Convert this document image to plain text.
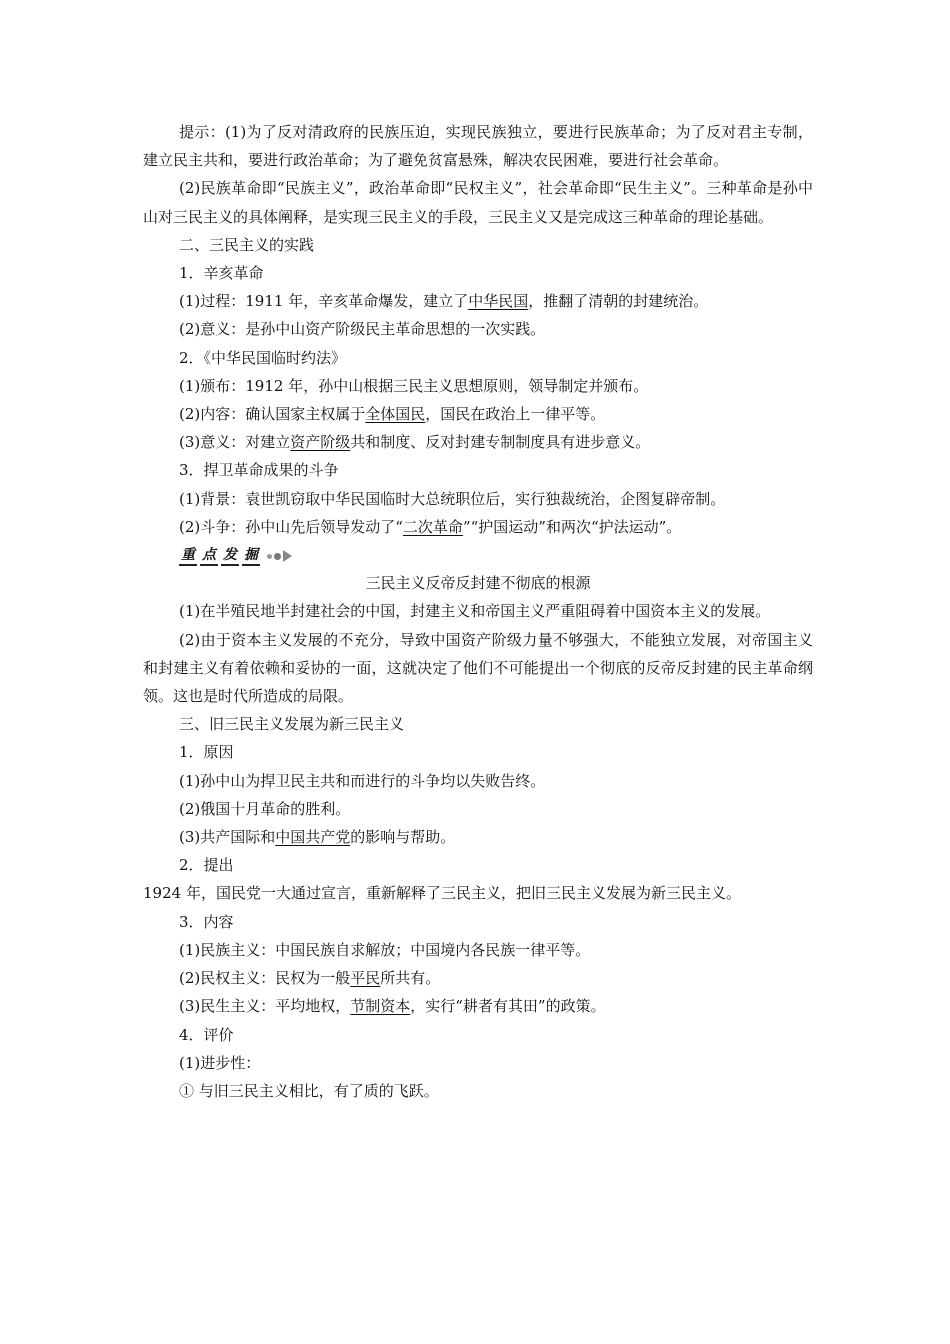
提示：(1)为了反对清政府的民族压迫，实现民族独立，要进行民族革命；为了反对君主专制，建立民主共和，要进行政治革命；为了避免贫富悬殊，解决农民困难，要进行社会革命。
(2)民族革命即“民族主义”，政治革命即“民权主义”，社会革命即“民生主义”。三种革命是孙中山对三民主义的具体阐释，是实现三民主义的手段，三民主义又是完成这三种革命的理论基础。
二、三民主义的实践
1．辛亥革命
(1)过程：1911 年，辛亥革命爆发，建立了中华民国，推翻了清朝的封建统治。
(2)意义：是孙中山资产阶级民主革命思想的一次实践。
2．《中华民国临时约法》
(1)颁布：1912 年，孙中山根据三民主义思想原则，领导制定并颁布。
(2)内容：确认国家主权属于全体国民，国民在政治上一律平等。
(3)意义：对建立资产阶级共和制度、反对封建专制制度具有进步意义。
3．捍卫革命成果的斗争
(1)背景：袁世凯窃取中华民国临时大总统职位后，实行独裁统治，企图复辟帝制。
(2)斗争：孙中山先后领导发动了“二次革命”“护国运动”和两次“护法运动”。
重 点 发 掘
三民主义反帝反封建不彻底的根源
(1)在半殖民地半封建社会的中国，封建主义和帝国主义严重阻碍着中国资本主义的发展。
(2)由于资本主义发展的不充分，导致中国资产阶级力量不够强大，不能独立发展，对帝国主义和封建主义有着依赖和妥协的一面，这就决定了他们不可能提出一个彻底的反帝反封建的民主革命纲领。这也是时代所造成的局限。
三、旧三民主义发展为新三民主义
1．原因
(1)孙中山为捍卫民主共和而进行的斗争均以失败告终。
(2)俄国十月革命的胜利。
(3)共产国际和中国共产党的影响与帮助。
2．提出
1924 年，国民党一大通过宣言，重新解释了三民主义，把旧三民主义发展为新三民主义。
3．内容
(1)民族主义：中国民族自求解放；中国境内各民族一律平等。
(2)民权主义：民权为一般平民所共有。
(3)民生主义：平均地权，节制资本，实行“耕者有其田”的政策。
4．评价
(1)进步性：
① 与旧三民主义相比，有了质的飞跃。
